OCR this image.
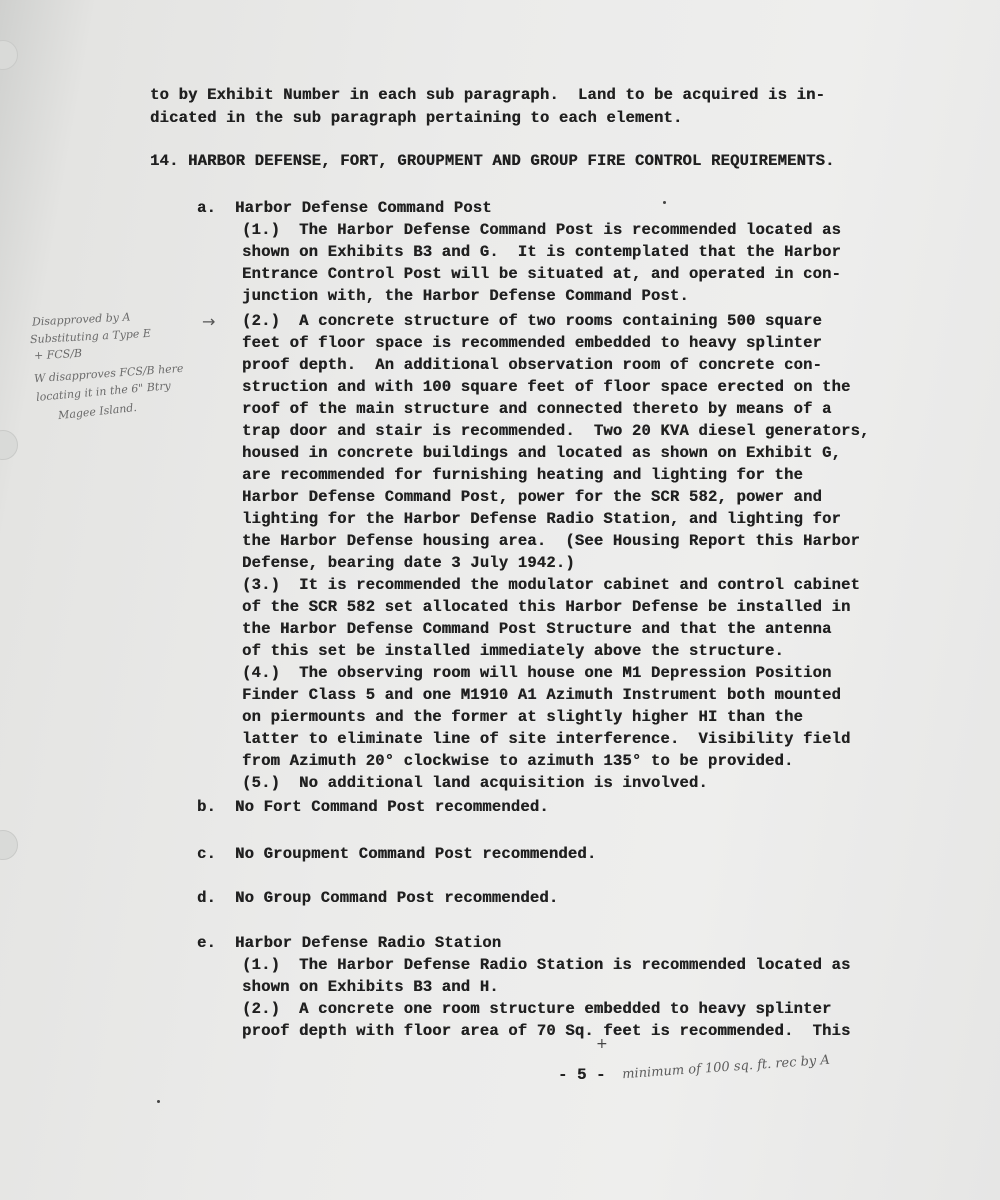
to by Exhibit Number in each sub paragraph.  Land to be acquired is in-
dicated in the sub paragraph pertaining to each element.
14. HARBOR DEFENSE, FORT, GROUPMENT AND GROUP FIRE CONTROL REQUIREMENTS.
a.  Harbor Defense Command Post
(1.)  The Harbor Defense Command Post is recommended located as
shown on Exhibits B3 and G.  It is contemplated that the Harbor
Entrance Control Post will be situated at, and operated in con-
junction with, the Harbor Defense Command Post.
(2.)  A concrete structure of two rooms containing 500 square
feet of floor space is recommended embedded to heavy splinter
proof depth.  An additional observation room of concrete con-
struction and with 100 square feet of floor space erected on the
roof of the main structure and connected thereto by means of a
trap door and stair is recommended.  Two 20 KVA diesel generators,
housed in concrete buildings and located as shown on Exhibit G,
are recommended for furnishing heating and lighting for the
Harbor Defense Command Post, power for the SCR 582, power and
lighting for the Harbor Defense Radio Station, and lighting for
the Harbor Defense housing area.  (See Housing Report this Harbor
Defense, bearing date 3 July 1942.)
(3.)  It is recommended the modulator cabinet and control cabinet
of the SCR 582 set allocated this Harbor Defense be installed in
the Harbor Defense Command Post Structure and that the antenna
of this set be installed immediately above the structure.
(4.)  The observing room will house one M1 Depression Position
Finder Class 5 and one M1910 A1 Azimuth Instrument both mounted
on piermounts and the former at slightly higher HI than the
latter to eliminate line of site interference.  Visibility field
from Azimuth 20° clockwise to azimuth 135° to be provided.
(5.)  No additional land acquisition is involved.
b.  No Fort Command Post recommended.
c.  No Groupment Command Post recommended.
d.  No Group Command Post recommended.
e.  Harbor Defense Radio Station
(1.)  The Harbor Defense Radio Station is recommended located as
shown on Exhibits B3 and H.
(2.)  A concrete one room structure embedded to heavy splinter
proof depth with floor area of 70 Sq. feet is recommended.  This
- 5 -
Disapproved by A
Substituting a Type E
+ FCS/B
W disapproves FCS/B here
locating it in the 6" Btry
Magee Island.
→
+
minimum of 100 sq. ft. rec by A
